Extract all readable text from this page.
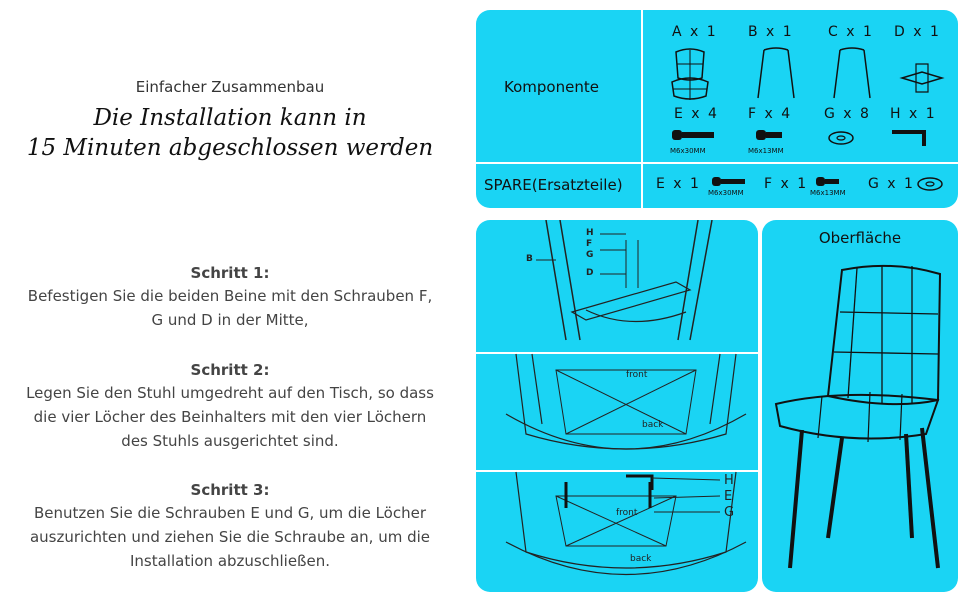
Einfacher Zusammenbau
Die Installation kann in
15 Minuten abgeschlossen werden
Schritt 1:
Befestigen Sie die beiden Beine mit den Schrauben F,
G und D in der Mitte,
Schritt 2:
Legen Sie den Stuhl umgedreht auf den Tisch, so dass
die vier Löcher des Beinhalters mit den vier Löchern
des Stuhls ausgerichtet sind.
Schritt 3:
Benutzen Sie die Schrauben E und G, um die Löcher
auszurichten und ziehen Sie die Schraube an, um die
Installation abzuschließen.
Komponente
SPARE(Ersatzteile)
A x 1 B x 1 C x 1 D x 1
E x 4 F x 4 G x 8 H x 1
M6x30MM	M6x13MM
E x 1
M6x30MM
F x 1
M6x13MM
G x 1
B
H
F
G
D
front
back
H
E
G
front
back
Oberfläche
